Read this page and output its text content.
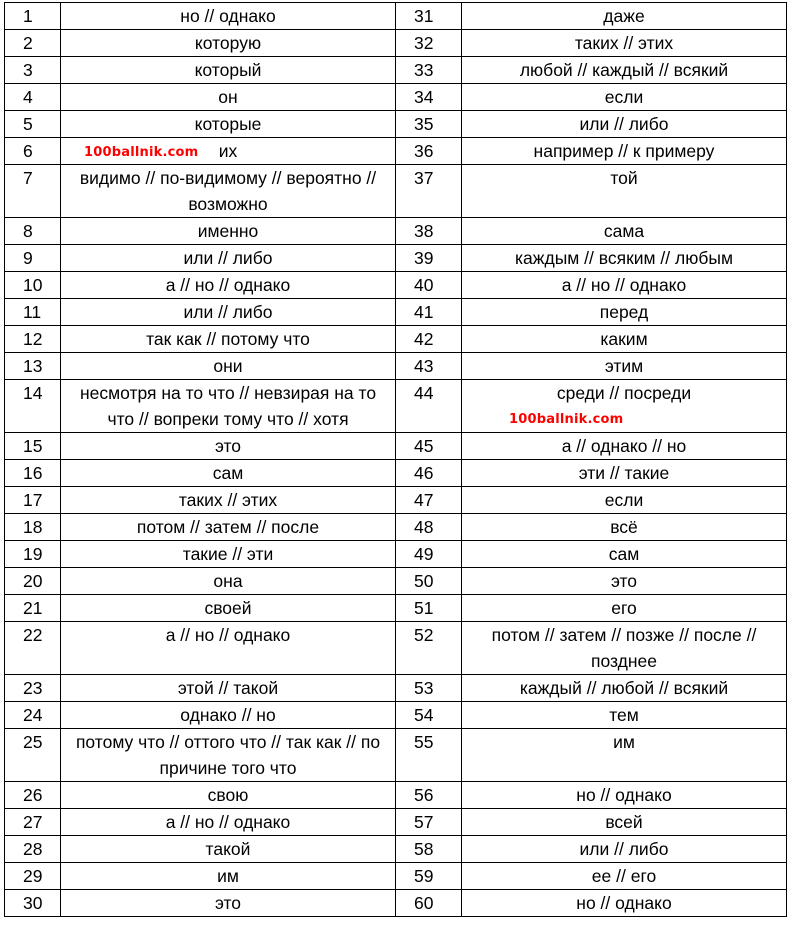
1	но // однако	31	даже
2	которую	32	таких // этих
3	который	33	любой // каждый // всякий
4	он	34	если
5	которые	35	или // либо
6	их	36	например // к примеру
7	видимо // по-видимому // вероятно // возможно	37	той
8	именно	38	сама
9	или // либо	39	каждым // всяким // любым
10	а // но // однако	40	а // но // однако
11	или // либо	41	перед
12	так как // потому что	42	каким
13	они	43	этим
14	несмотря на то что // невзирая на то что // вопреки тому что // хотя	44	среди // посреди
15	это	45	а // однако // но
16	сам	46	эти // такие
17	таких // этих	47	если
18	потом // затем // после	48	всё
19	такие // эти	49	сам
20	она	50	это
21	своей	51	его
22	а // но // однако	52	потом // затем // позже // после // позднее
23	этой // такой	53	каждый // любой // всякий
24	однако // но	54	тем
25	потому что // оттого что // так как // по причине того что	55	им
26	свою	56	но // однако
27	а // но // однако	57	всей
28	такой	58	или // либо
29	им	59	ее // его
30	это	60	но // однако
100ballnik.com
100ballnik.com
